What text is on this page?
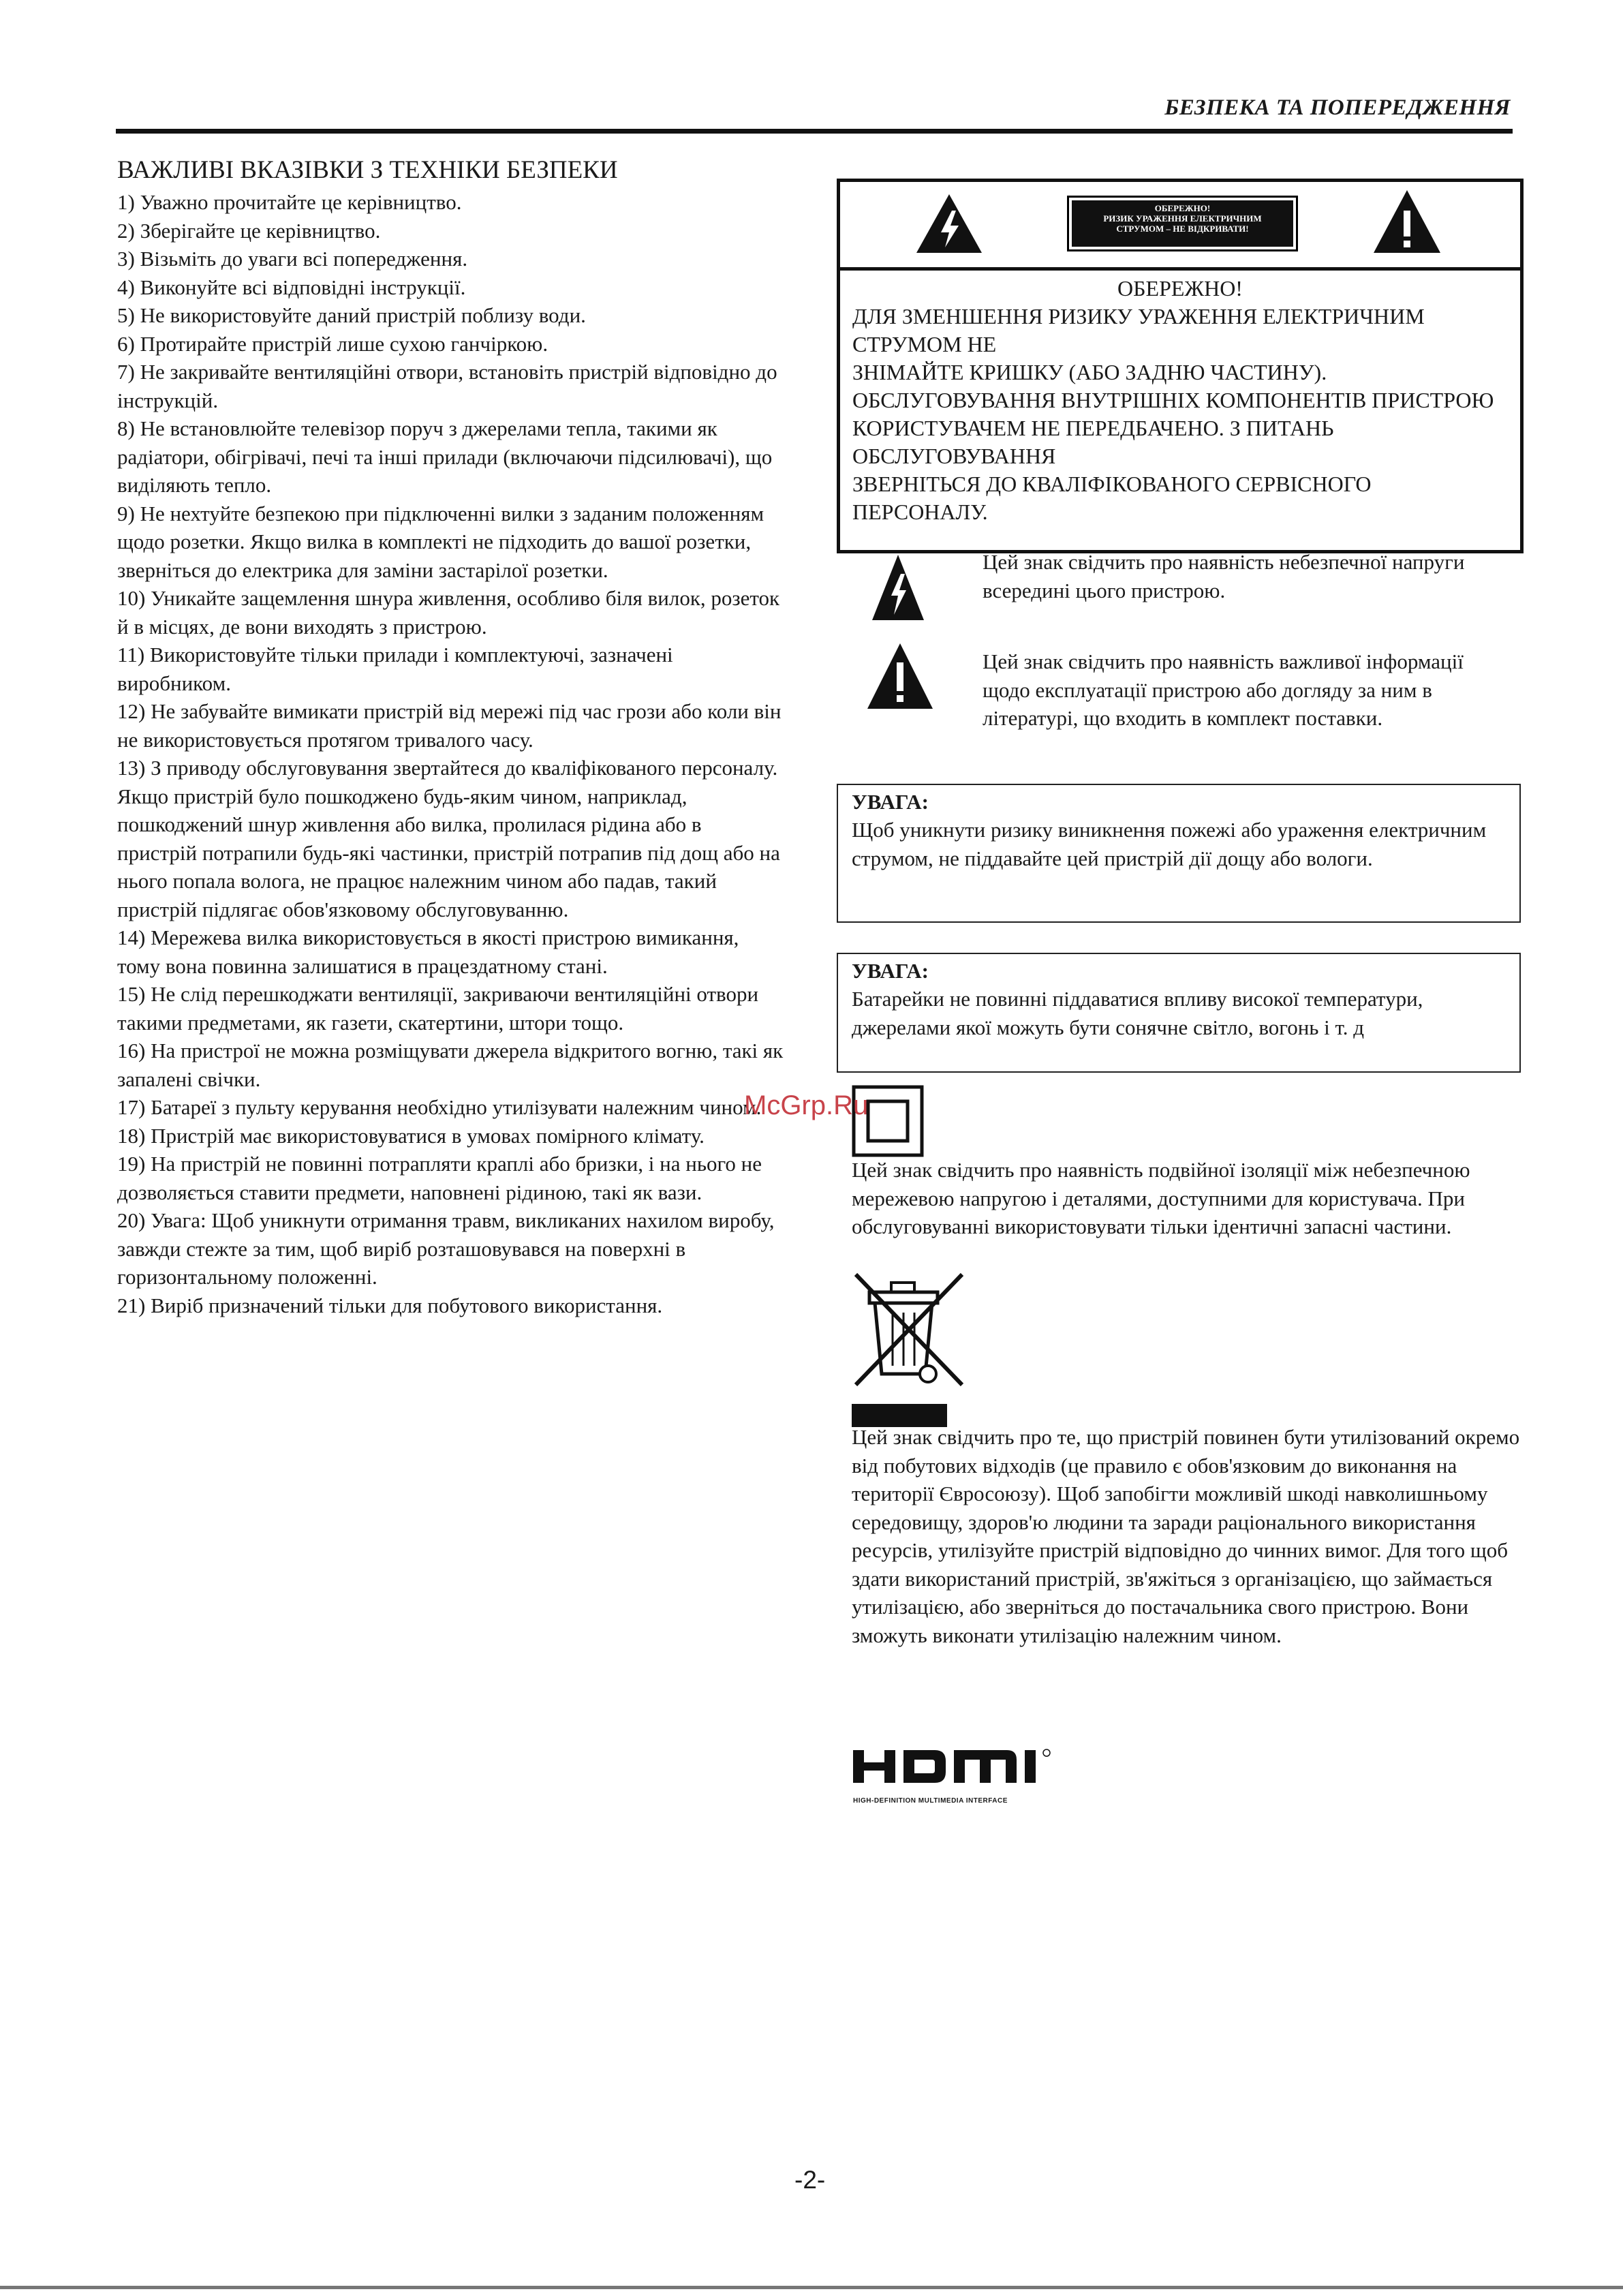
БЕЗПЕКА ТА ПОПЕРЕДЖЕННЯ
ВАЖЛИВІ ВКАЗІВКИ З ТЕХНІКИ БЕЗПЕКИ
1) Уважно прочитайте це керівництво.
2) Зберігайте це керівництво.
3) Візьміть до уваги всі попередження.
4) Виконуйте всі відповідні інструкції.
5) Не використовуйте даний пристрій поблизу води.
6) Протирайте пристрій лише сухою ганчіркою.
7) Не закривайте вентиляційні отвори, встановіть пристрій відповідно до інструкцій.
8) Не встановлюйте телевізор поруч з джерелами тепла, такими як радіатори, обігрівачі, печі та інші прилади (включаючи підсилювачі), що виділяють тепло.
9) Не нехтуйте безпекою при підключенні вилки з заданим положенням щодо розетки. Якщо вилка в комплекті не підходить до вашої розетки, зверніться до електрика для заміни застарілої розетки.
10) Уникайте защемлення шнура живлення, особливо біля вилок, розеток й в місцях, де вони виходять з пристрою.
11) Використовуйте тільки прилади і комплектуючі, зазначені виробником.
12) Не забувайте вимикати пристрій від мережі під час грози або коли він не використовується протягом тривалого часу.
13) З приводу обслуговування звертайтеся до кваліфікованого персоналу. Якщо пристрій було пошкоджено будь-яким чином, наприклад, пошкоджений шнур живлення або вилка, пролилася рідина або в пристрій потрапили будь-які частинки, пристрій потрапив під дощ або на нього попала волога, не працює належним чином або падав, такий пристрій підлягає обов'язковому обслуговуванню.
14) Мережева вилка використовується в якості пристрою вимикання, тому вона повинна залишатися в працездатному стані.
15) Не слід перешкоджати вентиляції, закриваючи вентиляційні отвори такими предметами, як газети, скатертини, штори тощо.
16) На пристрої не можна розміщувати джерела відкритого вогню, такі як запалені свічки.
17) Батареї з пульту керування необхідно утилізувати належним чином.
18) Пристрій має використовуватися в умовах помірного клімату.
19) На пристрій не повинні потрапляти краплі або бризки, і на нього не дозволяється ставити предмети, наповнені рідиною, такі як вази.
20) Увага: Щоб уникнути отримання травм, викликаних нахилом виробу, завжди стежте за тим, щоб виріб розташовувався на поверхні в горизонтальному положенні.
21) Виріб призначений тільки для побутового використання.
ОБЕРЕЖНО!
РИЗИК УРАЖЕННЯ ЕЛЕКТРИЧНИМ
СТРУМОМ – НЕ ВІДКРИВАТИ!
ОБЕРЕЖНО!
ДЛЯ ЗМЕНШЕННЯ РИЗИКУ УРАЖЕННЯ ЕЛЕКТРИЧНИМ СТРУМОМ НЕ
ЗНІМАЙТЕ КРИШКУ (АБО ЗАДНЮ ЧАСТИНУ).
ОБСЛУГОВУВАННЯ ВНУТРІШНІХ КОМПОНЕНТІВ ПРИСТРОЮ КОРИСТУВАЧЕМ НЕ ПЕРЕДБАЧЕНО. З ПИТАНЬ ОБСЛУГОВУВАННЯ
ЗВЕРНІТЬСЯ ДО КВАЛІФІКОВАНОГО СЕРВІСНОГО ПЕРСОНАЛУ.
Цей знак свідчить про наявність небезпечної напруги всередині цього пристрою.
Цей знак свідчить про наявність важливої інформації щодо експлуатації пристрою або догляду за ним в літературі, що входить в комплект поставки.
УВАГА:
Щоб уникнути ризику виникнення пожежі або ураження електричним струмом, не піддавайте цей пристрій дії дощу або вологи.
УВАГА:
Батарейки не повинні піддаватися впливу високої температури, джерелами якої можуть бути сонячне світло, вогонь і т. д
Цей знак свідчить про наявність подвійної ізоляції між небезпечною мережевою напругою і деталями, доступними для користувача. При обслуговуванні використовувати тільки ідентичні запасні частини.
Цей знак свідчить про те, що пристрій повинен бути утилізований окремо від побутових відходів (це правило є обов'язковим до виконання на території Євросоюзу). Щоб запобігти можливій шкоді навколишньому середовищу, здоров'ю людини та заради раціонального використання ресурсів, утилізуйте пристрій відповідно до чинних вимог. Для того щоб здати використаний пристрій, зв'яжіться з організацією, що займається утилізацією, або зверніться до постачальника свого пристрою. Вони зможуть виконати утилізацію належним чином.
HIGH-DEFINITION MULTIMEDIA INTERFACE
McGrp.Ru
-2-
